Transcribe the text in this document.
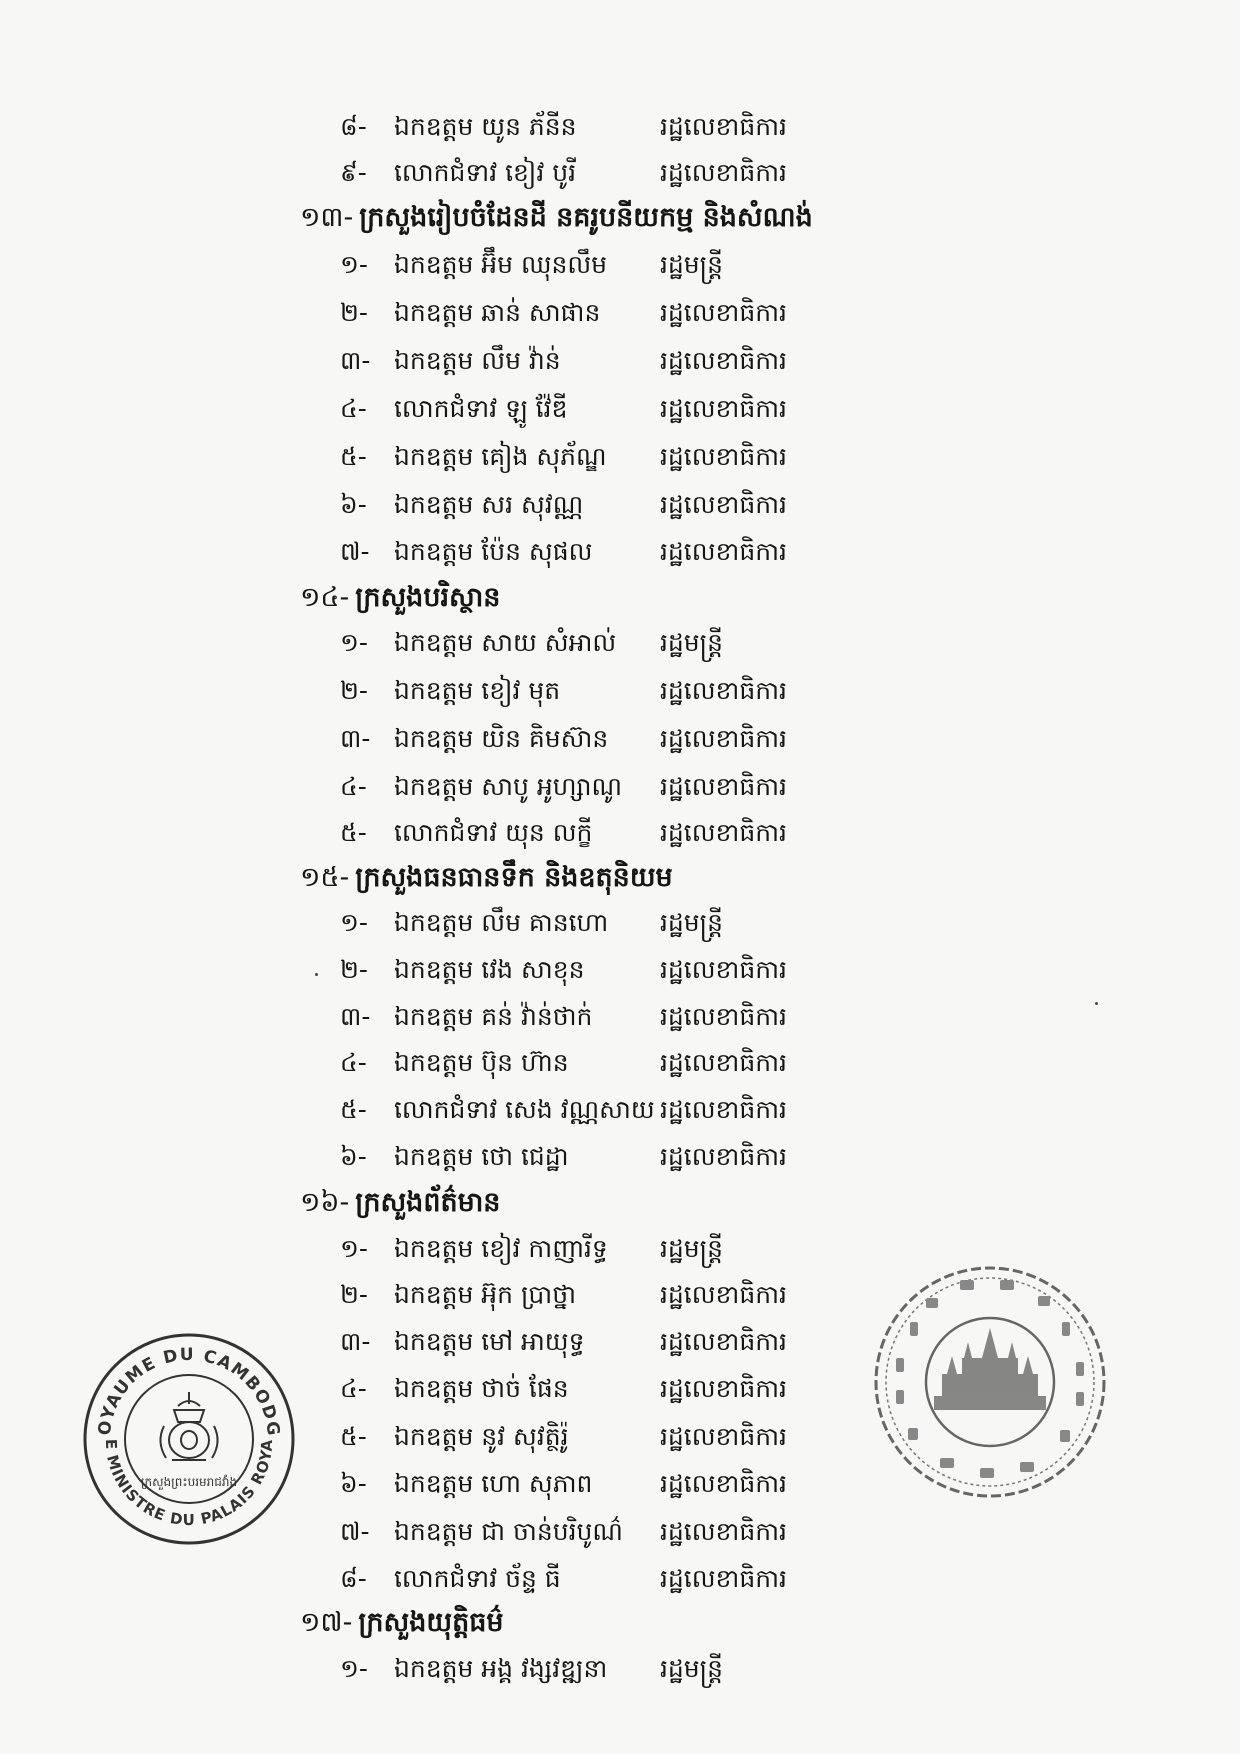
៨-	ឯកឧត្តម យូន ភ័នីន	រដ្ឋលេខាធិការ
៩-	លោកជំទាវ ខៀវ បូរី	រដ្ឋលេខាធិការ
១៣- ក្រសួងរៀបចំដែនដី នគរូបនីយកម្ម និងសំណង់
១-	ឯកឧត្តម អ៊ឹម ឈុនលឹម រដ្ឋមន្ត្រី
២-	ឯកឧត្តម ឆាន់ សាផាន រដ្ឋលេខាធិការ
៣- ឯកឧត្តម លឹម វ៉ាន់	រដ្ឋលេខាធិការ
៤-	លោកជំទាវ ឡូ វ៉ែឌី	រដ្ឋលេខាធិការ
៥-	ឯកឧត្តម គៀង សុភ័ណ្ឌ រដ្ឋលេខាធិការ
៦-	ឯកឧត្តម សរ សុវណ្ណ	រដ្ឋលេខាធិការ
៧- ឯកឧត្តម ប៉ែន សុផល	រដ្ឋលេខាធិការ
១៤- ក្រសួងបរិស្ថាន
១-	ឯកឧត្តម សាយ សំអាល់ រដ្ឋមន្ត្រី
២-	ឯកឧត្តម ខៀវ មុត	រដ្ឋលេខាធិការ
៣- ឯកឧត្តម យិន គិមស៊ាន រដ្ឋលេខាធិការ
៤-	ឯកឧត្តម សាបូ អូហ្សាណូ រដ្ឋលេខាធិការ
៥-	លោកជំទាវ យុន លក្ខី	រដ្ឋលេខាធិការ
១៥- ក្រសួងធនធានទឹក និងឧតុនិយម
១-	ឯកឧត្តម លឹម គានហោ រដ្ឋមន្ត្រី
២-	ឯកឧត្តម វេង សាខុន	រដ្ឋលេខាធិការ
៣- ឯកឧត្តម គន់ វ៉ាន់ថាក់	រដ្ឋលេខាធិការ
៤-	ឯកឧត្តម ប៊ុន ហ៊ាន	រដ្ឋលេខាធិការ
៥-	លោកជំទាវ សេង វណ្ណសាយ រដ្ឋលេខាធិការ
៦-	ឯកឧត្តម ថោ ជេដ្ឋា	រដ្ឋលេខាធិការ
១៦- ក្រសួងព័ត៌មាន
១-	ឯកឧត្តម ខៀវ កាញារីទ្ធ រដ្ឋមន្ត្រី
២-	ឯកឧត្តម អ៊ុក ប្រាថ្នា	រដ្ឋលេខាធិការ
៣- ឯកឧត្តម មៅ អាយុទ្ធ	រដ្ឋលេខាធិការ
៤-	ឯកឧត្តម ថាច់ ផែន	រដ្ឋលេខាធិការ
៥-	ឯកឧត្តម នូវ សុវត្ថិរ៉ូ	រដ្ឋលេខាធិការ
៦-	ឯកឧត្តម ហោ សុភាព	រដ្ឋលេខាធិការ
៧- ឯកឧត្តម ជា ចាន់បរិបូណ៌ រដ្ឋលេខាធិការ
៨-	លោកជំទាវ ច័ន្ទ ធី	រដ្ឋលេខាធិការ
១៧- ក្រសួងយុត្តិធម៌
១-	ឯកឧត្តម អង្គ វង្សវឌ្ឍនា រដ្ឋមន្ត្រី
OYAUME DU CAMBODG
E MINISTRE DU PALAIS ROYA
ក្រសួងព្រះបរមរាជវាំង
